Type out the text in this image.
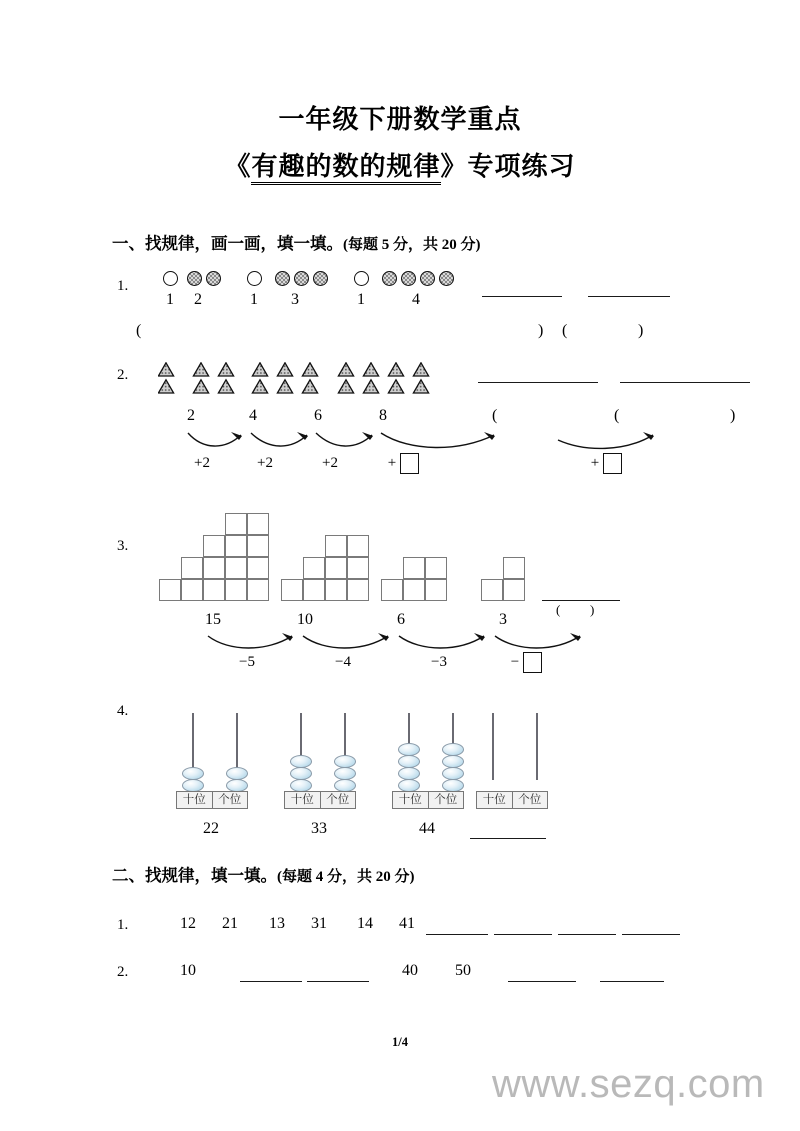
一年级下册数学重点
《有趣的数的规律》专项练习
一、找规律，画一画，填一填。(每题 5 分，共 20 分)
1.
1	2	1	3	1	4
(	) (	)
2.
2	4	6	8	(	(	)
+2	+2	+2	+	+
3.
( )
15	10	6	3
−5	−4	−3	−
4.
十位	个位
22
十位	个位
33
十位	个位
44
十位	个位
二、找规律，填一填。(每题 4 分，共 20 分)
1.	12	21	13	31	14	41
2.	10	40	50
1/4
www.sezq.com
